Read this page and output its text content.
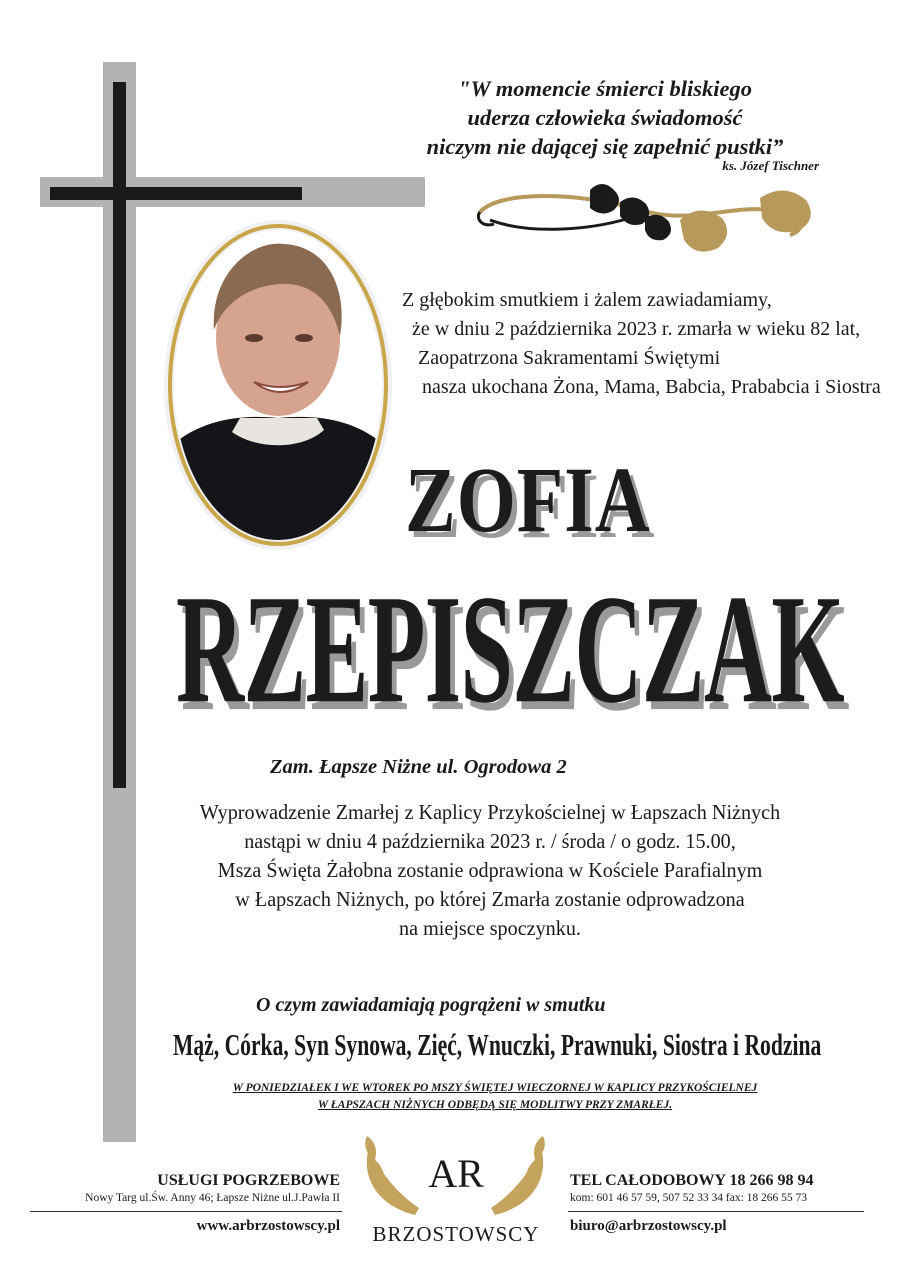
"W momencie śmierci bliskiego
uderza człowieka świadomość
niczym nie dającej się zapełnić pustki”
ks. Józef Tischner
Z głębokim smutkiem i żalem zawiadamiamy,
że w dniu 2 października 2023 r. zmarła w wieku 82 lat,
Zaopatrzona Sakramentami Świętymi
nasza ukochana Żona, Mama, Babcia, Prababcia i Siostra
ZOFIA
RZEPISZCZAK
Zam. Łapsze Niżne ul. Ogrodowa 2
Wyprowadzenie Zmarłej z Kaplicy Przykościelnej w Łapszach Niżnych
nastąpi w dniu 4 października 2023 r. / środa / o godz. 15.00,
Msza Święta Żałobna zostanie odprawiona w Kościele Parafialnym
w Łapszach Niżnych, po której Zmarła zostanie odprowadzona
na miejsce spoczynku.
O czym zawiadamiają pogrążeni w smutku
Mąż, Córka, Syn Synowa, Zięć, Wnuczki, Prawnuki, Siostra i Rodzina
W PONIEDZIAŁEK I WE WTOREK PO MSZY ŚWIĘTEJ WIECZORNEJ W KAPLICY PRZYKOŚCIELNEJ
W ŁAPSZACH NIŻNYCH ODBĘDĄ SIĘ MODLITWY PRZY ZMARŁEJ.
USŁUGI POGRZEBOWE
Nowy Targ ul.Św. Anny 46; Łapsze Niżne ul.J.Pawła II
www.arbrzostowscy.pl
AR
BRZOSTOWSCY
TEL CAŁODOBOWY 18 266 98 94
kom: 601 46 57 59, 507 52 33 34 fax: 18 266 55 73
biuro@arbrzostowscy.pl
